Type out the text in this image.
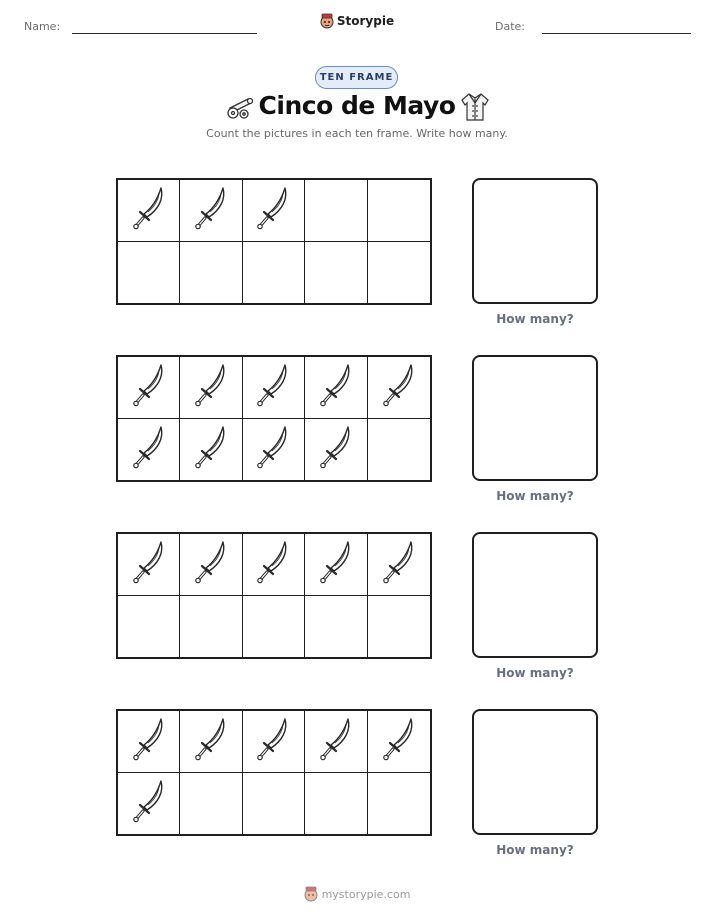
Name:	Storypie	Date:
TEN FRAME
Cinco de Mayo
Count the pictures in each ten frame. Write how many.
How many?
How many?
How many?
How many?
mystorypie.com
